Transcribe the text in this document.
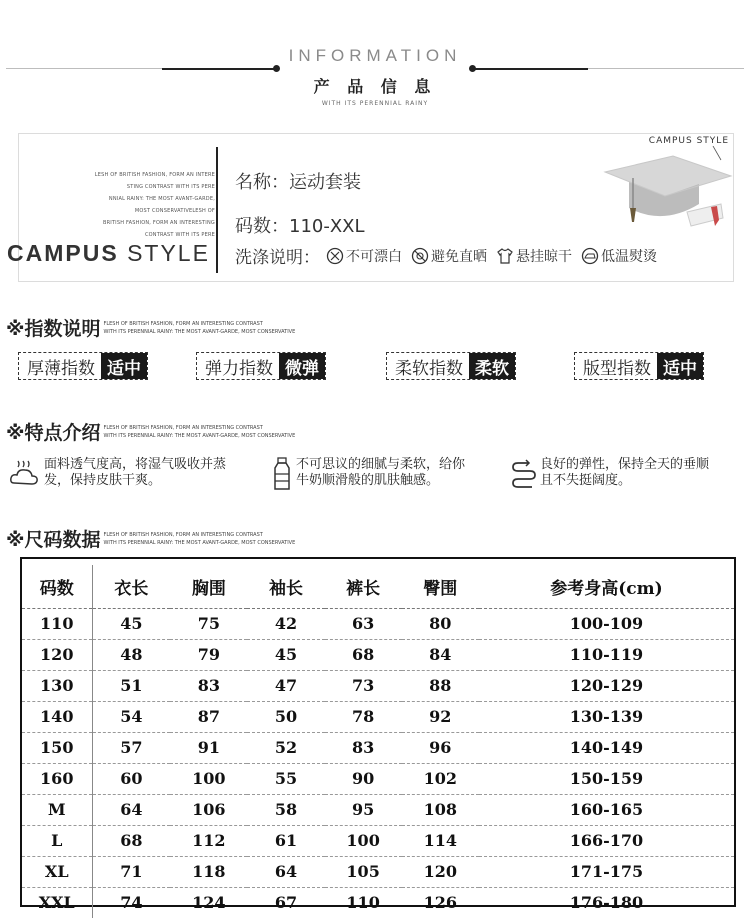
INFORMATION
产 品 信 息
WITH ITS PERENNIAL RAINY
LESH OF BRITISH FASHION, FORM AN INTERE
STING CONTRAST WITH ITS PERE
NNIAL RAINY: THE MOST AVANT-GARDE,
MOST CONSERVATIVELESH OF
BRITISH FASHION, FORM AN INTERESTING
CONTRAST WITH ITS PERE
CAMPUS STYLE
名称：运动套装
码数：110-XXL
洗涤说明： 不可漂白 避免直晒 悬挂晾干 低温熨烫
CAMPUS STYLE
※指数说明 FLESH OF BRITISH FASHION, FORM AN INTERESTING CONTRAST
WITH ITS PERENNIAL RAINY: THE MOST AVANT-GARDE, MOST CONSERVATIVE
厚薄指数 适中	弹力指数 微弹	柔软指数 柔软	版型指数 适中
※特点介绍 FLESH OF BRITISH FASHION, FORM AN INTERESTING CONTRAST
WITH ITS PERENNIAL RAINY: THE MOST AVANT-GARDE, MOST CONSERVATIVE
面料透气度高，将湿气吸收并蒸
发，保持皮肤干爽。
不可思议的细腻与柔软，给你
牛奶顺滑般的肌肤触感。
良好的弹性，保持全天的垂顺
且不失挺阔度。
※尺码数据 FLESH OF BRITISH FASHION, FORM AN INTERESTING CONTRAST
WITH ITS PERENNIAL RAINY: THE MOST AVANT-GARDE, MOST CONSERVATIVE
码数	衣长	胸围	袖长	裤长	臀围	参考身高(cm)
110	45	75	42	63	80	100-109
120	48	79	45	68	84	110-119
130	51	83	47	73	88	120-129
140	54	87	50	78	92	130-139
150	57	91	52	83	96	140-149
160	60	100	55	90	102	150-159
M	64	106	58	95	108	160-165
L	68	112	61	100	114	166-170
XL	71	118	64	105	120	171-175
XXL	74	124	67	110	126	176-180
